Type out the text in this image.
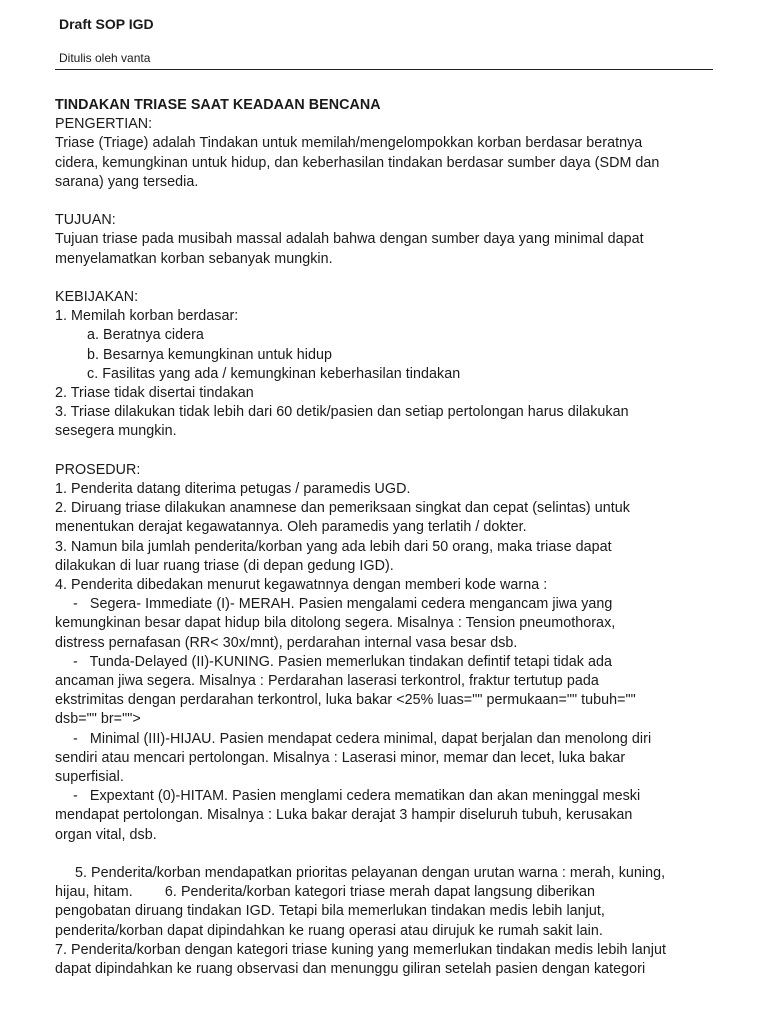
Draft SOP IGD
Ditulis oleh vanta
TINDAKAN TRIASE SAAT KEADAAN BENCANA
PENGERTIAN:
Triase (Triage) adalah Tindakan untuk memilah/mengelompokkan korban berdasar beratnya
cidera, kemungkinan untuk hidup, dan keberhasilan tindakan berdasar sumber daya (SDM dan
sarana) yang tersedia.
TUJUAN:
Tujuan triase pada musibah massal adalah bahwa dengan sumber daya yang minimal dapat
menyelamatkan korban sebanyak mungkin.
KEBIJAKAN:
1. Memilah korban berdasar:
a. Beratnya cidera
b. Besarnya kemungkinan untuk hidup
c. Fasilitas yang ada / kemungkinan keberhasilan tindakan
2. Triase tidak disertai tindakan
3. Triase dilakukan tidak lebih dari 60 detik/pasien dan setiap pertolongan harus dilakukan
sesegera mungkin.
PROSEDUR:
1. Penderita datang diterima petugas / paramedis UGD.
2. Diruang triase dilakukan anamnese dan pemeriksaan singkat dan cepat (selintas) untuk
menentukan derajat kegawatannya. Oleh paramedis yang terlatih / dokter.
3. Namun bila jumlah penderita/korban yang ada lebih dari 50 orang, maka triase dapat
dilakukan di luar ruang triase (di depan gedung IGD).
4. Penderita dibedakan menurut kegawatnnya dengan memberi kode warna :
-   Segera- Immediate (I)- MERAH. Pasien mengalami cedera mengancam jiwa yang
kemungkinan besar dapat hidup bila ditolong segera. Misalnya : Tension pneumothorax,
distress pernafasan (RR< 30x/mnt), perdarahan internal vasa besar dsb.
-   Tunda-Delayed (II)-KUNING. Pasien memerlukan tindakan defintif tetapi tidak ada
ancaman jiwa segera. Misalnya : Perdarahan laserasi terkontrol, fraktur tertutup pada
ekstrimitas dengan perdarahan terkontrol, luka bakar <25% luas="" permukaan="" tubuh=""
dsb="" br="">
-   Minimal (III)-HIJAU. Pasien mendapat cedera minimal, dapat berjalan dan menolong diri
sendiri atau mencari pertolongan. Misalnya : Laserasi minor, memar dan lecet, luka bakar
superfisial.
-   Expextant (0)-HITAM. Pasien menglami cedera mematikan dan akan meninggal meski
mendapat pertolongan. Misalnya : Luka bakar derajat 3 hampir diseluruh tubuh, kerusakan
organ vital, dsb.
5. Penderita/korban mendapatkan prioritas pelayanan dengan urutan warna : merah, kuning,
hijau, hitam.        6. Penderita/korban kategori triase merah dapat langsung diberikan
pengobatan diruang tindakan IGD. Tetapi bila memerlukan tindakan medis lebih lanjut,
penderita/korban dapat dipindahkan ke ruang operasi atau dirujuk ke rumah sakit lain.
7. Penderita/korban dengan kategori triase kuning yang memerlukan tindakan medis lebih lanjut
dapat dipindahkan ke ruang observasi dan menunggu giliran setelah pasien dengan kategori
